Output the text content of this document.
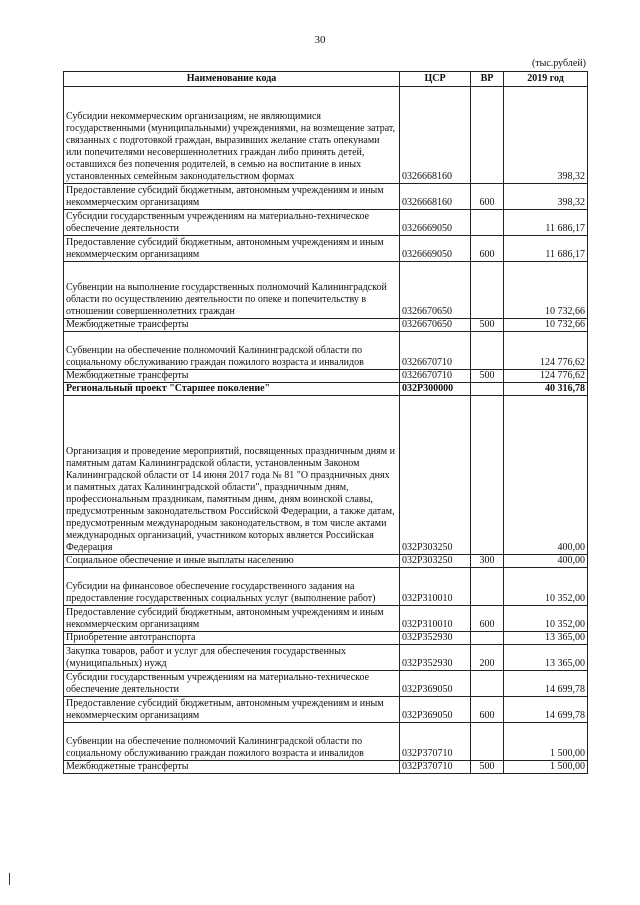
30
(тыс.рублей)
Наименование кода	ЦСР	ВР	2019 год
Субсидии некоммерческим организациям, не являющимися государственными (муниципальными) учреждениями, на возмещение затрат, связанных с подготовкой граждан, выразивших желание стать опекунами или попечителями несовершеннолетних граждан либо принять детей, оставшихся без попечения родителей, в семью на воспитание в иных установленных семейным законодательством формах	0326668160		398,32
Предоставление субсидий бюджетным, автономным учреждениям и иным некоммерческим организациям	0326668160	600	398,32
Субсидии государственным учреждениям на материально-техническое обеспечение деятельности	0326669050		11 686,17
Предоставление субсидий бюджетным, автономным учреждениям и иным некоммерческим организациям	0326669050	600	11 686,17
Субвенции на выполнение государственных полномочий Калининградской области по осуществлению деятельности по опеке и попечительству в отношении совершеннолетних граждан	0326670650		10 732,66
Межбюджетные трансферты	0326670650	500	10 732,66
Субвенции на обеспечение полномочий Калининградской области по социальному обслуживанию граждан пожилого возраста и инвалидов	0326670710		124 776,62
Межбюджетные трансферты	0326670710	500	124 776,62
Региональный проект "Старшее поколение"	032P300000		40 316,78
Организация и проведение мероприятий, посвященных праздничным дням и памятным датам Калининградской области, установленным Законом Калининградской области от 14 июня 2017 года № 81 "О праздничных днях и памятных датах Калининградской области", праздничным дням, профессиональным праздникам, памятным дням, дням воинской славы, предусмотренным законодательством Российской Федерации, а также датам, предусмотренным международным законодательством, в том числе актами международных организаций, участником которых является Российская Федерация	032P303250		400,00
Социальное обеспечение и иные выплаты населению	032P303250	300	400,00
Субсидии на финансовое обеспечение государственного задания на предоставление государственных социальных услуг (выполнение работ)	032P310010		10 352,00
Предоставление субсидий бюджетным, автономным учреждениям и иным некоммерческим организациям	032P310010	600	10 352,00
Приобретение автотранспорта	032P352930		13 365,00
Закупка товаров, работ и услуг для обеспечения государственных (муниципальных) нужд	032P352930	200	13 365,00
Субсидии государственным учреждениям на материально-техническое обеспечение деятельности	032P369050		14 699,78
Предоставление субсидий бюджетным, автономным учреждениям и иным некоммерческим организациям	032P369050	600	14 699,78
Субвенции на обеспечение полномочий Калининградской области по социальному обслуживанию граждан пожилого возраста и инвалидов	032P370710		1 500,00
Межбюджетные трансферты	032P370710	500	1 500,00
